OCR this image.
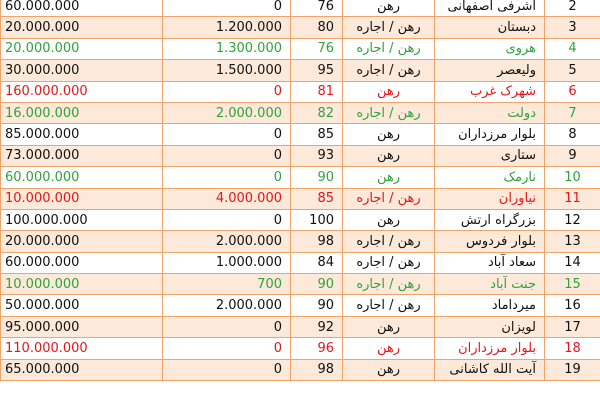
60.000.000	0	76	رهن	اشرفی اصفهانی	2
20.000.000	1.200.000	80	رهن / اجاره	دبستان	3
20.000.000	1.300.000	76	رهن / اجاره	هروی	4
30.000.000	1.500.000	95	رهن / اجاره	ولیعصر	5
160.000.000	0	81	رهن	شهرک غرب	6
16.000.000	2.000.000	82	رهن / اجاره	دولت	7
85.000.000	0	85	رهن	بلوار مرزداران	8
73.000.000	0	93	رهن	ستاری	9
60.000.000	0	90	رهن	نارمک	10
10.000.000	4.000.000	85	رهن / اجاره	نیاوران	11
100.000.000	0	100	رهن	بزرگراه ارتش	12
20.000.000	2.000.000	98	رهن / اجاره	بلوار فردوس	13
60.000.000	1.000.000	84	رهن / اجاره	سعاد آباد	14
10.000.000	700	90	رهن / اجاره	جنت آباد	15
50.000.000	2.000.000	90	رهن / اجاره	میرداماد	16
95.000.000	0	92	رهن	لویزان	17
110.000.000	0	96	رهن	بلوار مرزداران	18
65.000.000	0	98	رهن	آیت الله کاشانی	19
